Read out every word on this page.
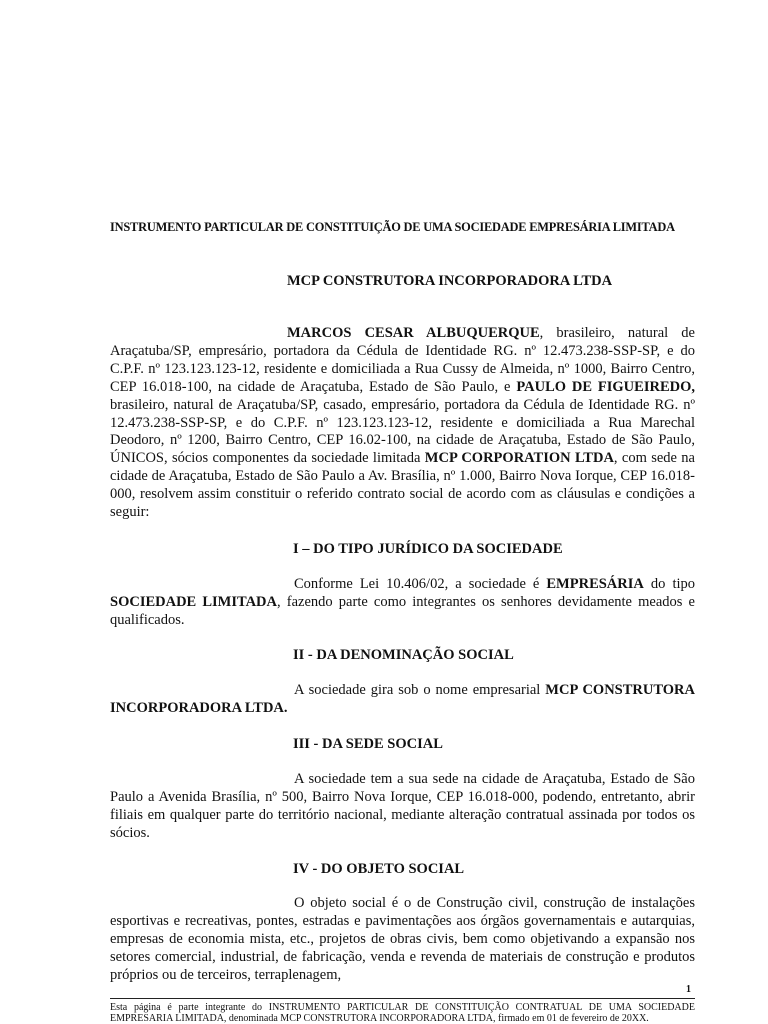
INSTRUMENTO PARTICULAR DE CONSTITUIÇÃO DE UMA SOCIEDADE EMPRESÁRIA LIMITADA
MCP CONSTRUTORA INCORPORADORA LTDA
MARCOS CESAR ALBUQUERQUE, brasileiro, natural de Araçatuba/SP, empresário, portadora da Cédula de Identidade RG. nº 12.473.238-SSP-SP, e do C.P.F. nº 123.123.123-12, residente e domiciliada a Rua Cussy de Almeida, nº 1000, Bairro Centro, CEP 16.018-100, na cidade de Araçatuba, Estado de São Paulo, e PAULO DE FIGUEIREDO, brasileiro, natural de Araçatuba/SP, casado, empresário, portadora da Cédula de Identidade RG. nº 12.473.238-SSP-SP, e do C.P.F. nº 123.123.123-12, residente e domiciliada a Rua Marechal Deodoro, nº 1200, Bairro Centro, CEP 16.02-100, na cidade de Araçatuba, Estado de São Paulo, ÚNICOS, sócios componentes da sociedade limitada MCP CORPORATION LTDA, com sede na cidade de Araçatuba, Estado de São Paulo a Av. Brasília, nº 1.000, Bairro Nova Iorque, CEP 16.018-000, resolvem assim constituir o referido contrato social de acordo com as cláusulas e condições a seguir:
I – DO TIPO JURÍDICO DA SOCIEDADE
Conforme Lei 10.406/02, a sociedade é EMPRESÁRIA do tipo SOCIEDADE LIMITADA, fazendo parte como integrantes os senhores devidamente meados e qualificados.
II - DA DENOMINAÇÃO SOCIAL
A sociedade gira sob o nome empresarial MCP CONSTRUTORA INCORPORADORA LTDA.
III - DA SEDE SOCIAL
A sociedade tem a sua sede na cidade de Araçatuba, Estado de São Paulo a Avenida Brasília, nº 500, Bairro Nova Iorque, CEP 16.018-000, podendo, entretanto, abrir filiais em qualquer parte do território nacional, mediante alteração contratual assinada por todos os sócios.
IV - DO OBJETO SOCIAL
O objeto social é o de Construção civil, construção de instalações esportivas e recreativas, pontes, estradas e pavimentações aos órgãos governamentais e autarquias, empresas de economia mista, etc., projetos de obras civis, bem como objetivando a expansão nos setores comercial, industrial, de fabricação, venda e revenda de materiais de construção e produtos próprios ou de terceiros, terraplenagem,
1
Esta página é parte integrante do INSTRUMENTO PARTICULAR DE CONSTITUIÇÃO CONTRATUAL DE UMA SOCIEDADE EMPRESARIA LIMITADA, denominada MCP CONSTRUTORA INCORPORADORA LTDA, firmado em 01 de fevereiro de 20XX.
